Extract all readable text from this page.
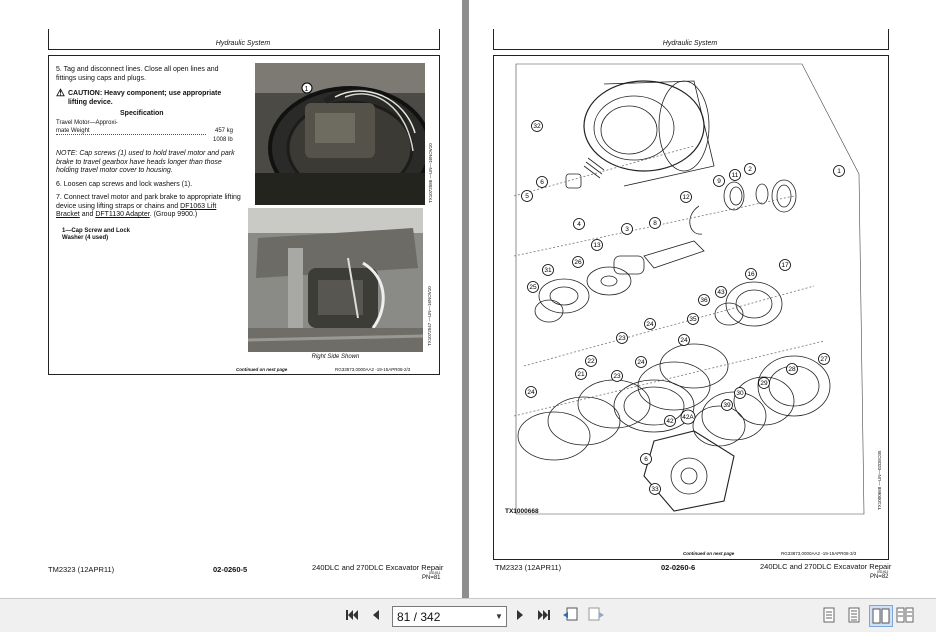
Hydraulic System
5. Tag and disconnect lines. Close all open lines and fittings using caps and plugs.
⚠ CAUTION: Heavy component; use appropriate lifting device.
Specification
Travel Motor—Approxi-
mate Weight	457 kg
1008 lb
NOTE: Cap screws (1) used to hold travel motor and park brake to travel gearbox have heads longer than those holding travel motor cover to housing.
6. Loosen cap screws and lock washers (1).
7. Connect travel motor and park brake to appropriate lifting device using lifting straps or chains and DF1063 Lift Bracket and DFT1130 Adapter. (Group 9900.)
1—Cap Screw and Lock Washer (4 used)
1
TX1072586 —UN—16NOV10
TX1072547 —UN—16NOV10
Right Side Shown
Continued on next page	RG33873,0000AA2 -19-15APR08-2/3
TM2323 (12APR11)	02-0260-5	240DLC and 270DLC Excavator Repair
041911
PN=81
Hydraulic System
32
5
6	9
11
2	1
12
8
3
13
4
26
31
25
17
16
36
43
35
24
23
22	24
23
24
21
24
42A
30
29
28
27
39
42
6
33
TX1000668
TX1000668 —UN—02DEC05
Continued on next page	RG33873,0000AA2 -19-15APR08-3/3
TM2323 (12APR11)	02-0260-6	240DLC and 270DLC Excavator Repair
041911
PN=82
81 / 342	▼
